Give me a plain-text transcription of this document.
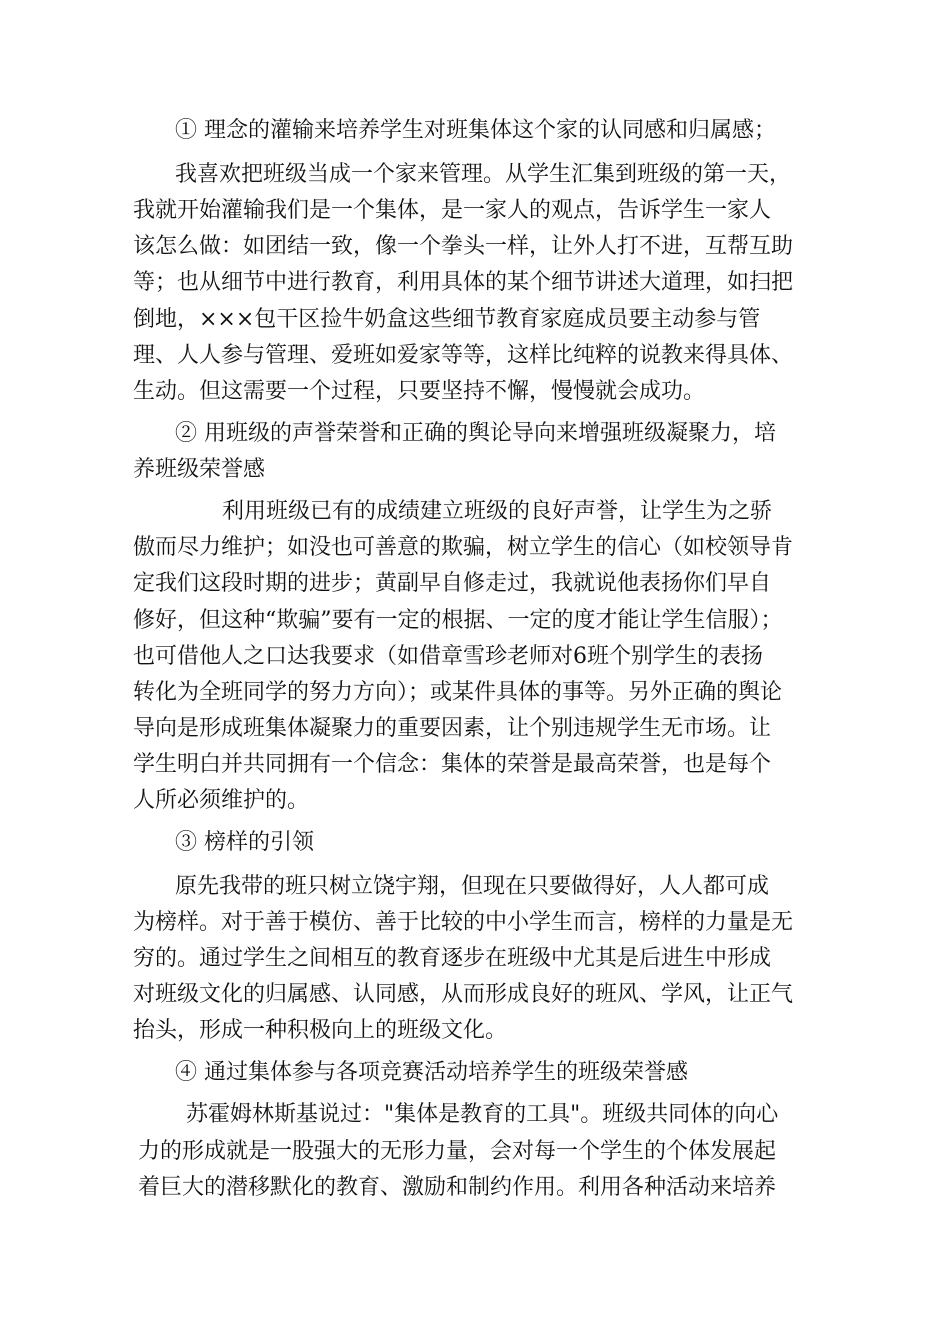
① 理念的灌输来培养学生对班集体这个家的认同感和归属感；

我喜欢把班级当成一个家来管理。从学生汇集到班级的第一天，

我就开始灌输我们是一个集体，是一家人的观点，告诉学生一家人

该怎么做：如团结一致，像一个拳头一样，让外人打不进，互帮互助

等；也从细节中进行教育，利用具体的某个细节讲述大道理，如扫把

倒地，×××包干区捡牛奶盒这些细节教育家庭成员要主动参与管

理、人人参与管理、爱班如爱家等等，这样比纯粹的说教来得具体、

生动。但这需要一个过程，只要坚持不懈，慢慢就会成功。

② 用班级的声誉荣誉和正确的舆论导向来增强班级凝聚力，培

养班级荣誉感

利用班级已有的成绩建立班级的良好声誉，让学生为之骄

傲而尽力维护；如没也可善意的欺骗，树立学生的信心（如校领导肯

定我们这段时期的进步；黄副早自修走过，我就说他表扬你们早自

修好，但这种“欺骗”要有一定的根据、一定的度才能让学生信服）；

也可借他人之口达我要求（如借章雪珍老师对6班个别学生的表扬

转化为全班同学的努力方向）；或某件具体的事等。另外正确的舆论

导向是形成班集体凝聚力的重要因素，让个别违规学生无市场。让

学生明白并共同拥有一个信念：集体的荣誉是最高荣誉，也是每个

人所必须维护的。

③ 榜样的引领

原先我带的班只树立饶宇翔，但现在只要做得好，人人都可成

为榜样。对于善于模仿、善于比较的中小学生而言，榜样的力量是无

穷的。通过学生之间相互的教育逐步在班级中尤其是后进生中形成

对班级文化的归属感、认同感，从而形成良好的班风、学风，让正气

抬头，形成一种积极向上的班级文化。

④ 通过集体参与各项竞赛活动培养学生的班级荣誉感

苏霍姆林斯基说过："集体是教育的工具"。班级共同体的向心

力的形成就是一股强大的无形力量，会对每一个学生的个体发展起

着巨大的潜移默化的教育、激励和制约作用。利用各种活动来培养
